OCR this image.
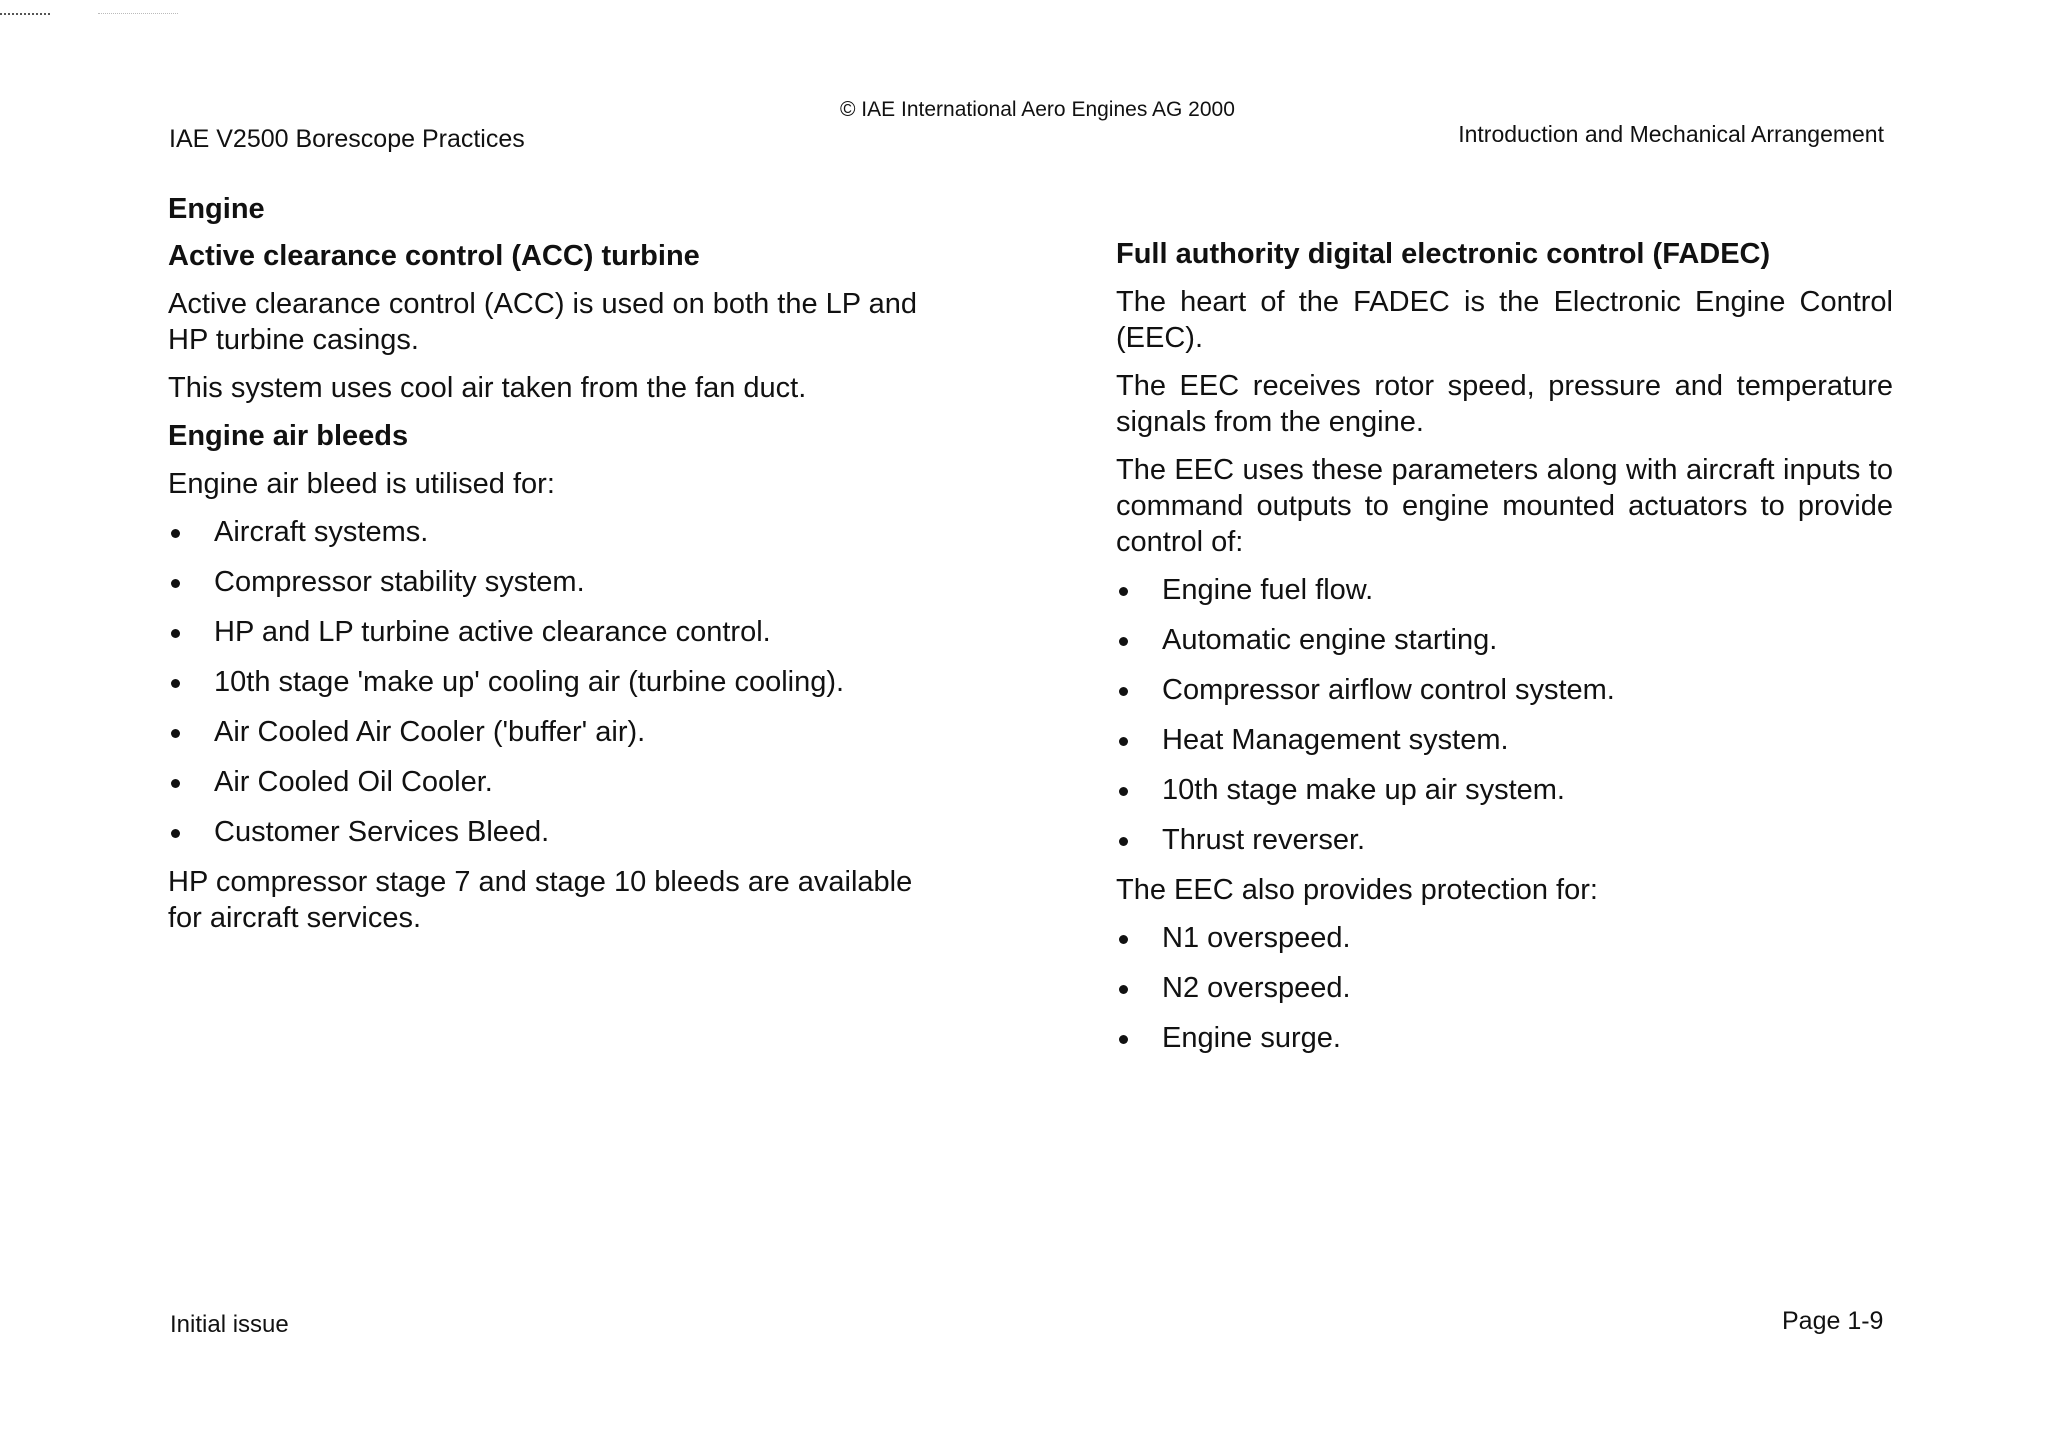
IAE V2500 Borescope Practices
© IAE International Aero Engines AG 2000
Introduction and Mechanical Arrangement
Engine
Active clearance control (ACC) turbine

Active clearance control (ACC) is used on both the LP and HP turbine casings.

This system uses cool air taken from the fan duct.

Engine air bleeds

Engine air bleed is utilised for:

Aircraft systems.
Compressor stability system.
HP and LP turbine active clearance control.
10th stage 'make up' cooling air (turbine cooling).
Air Cooled Air Cooler ('buffer' air).
Air Cooled Oil Cooler.
Customer Services Bleed.

HP compressor stage 7 and stage 10 bleeds are available for aircraft services.

Full authority digital electronic control (FADEC)

The heart of the FADEC is the Electronic Engine Control (EEC).

The EEC receives rotor speed, pressure and temperature signals from the engine.

The EEC uses these parameters along with aircraft inputs to command outputs to engine mounted actuators to provide control of:

Engine fuel flow.
Automatic engine starting.
Compressor airflow control system.
Heat Management system.
10th stage make up air system.
Thrust reverser.

The EEC also provides protection for:

N1 overspeed.
N2 overspeed.
Engine surge.
Initial issue	Page 1-9
